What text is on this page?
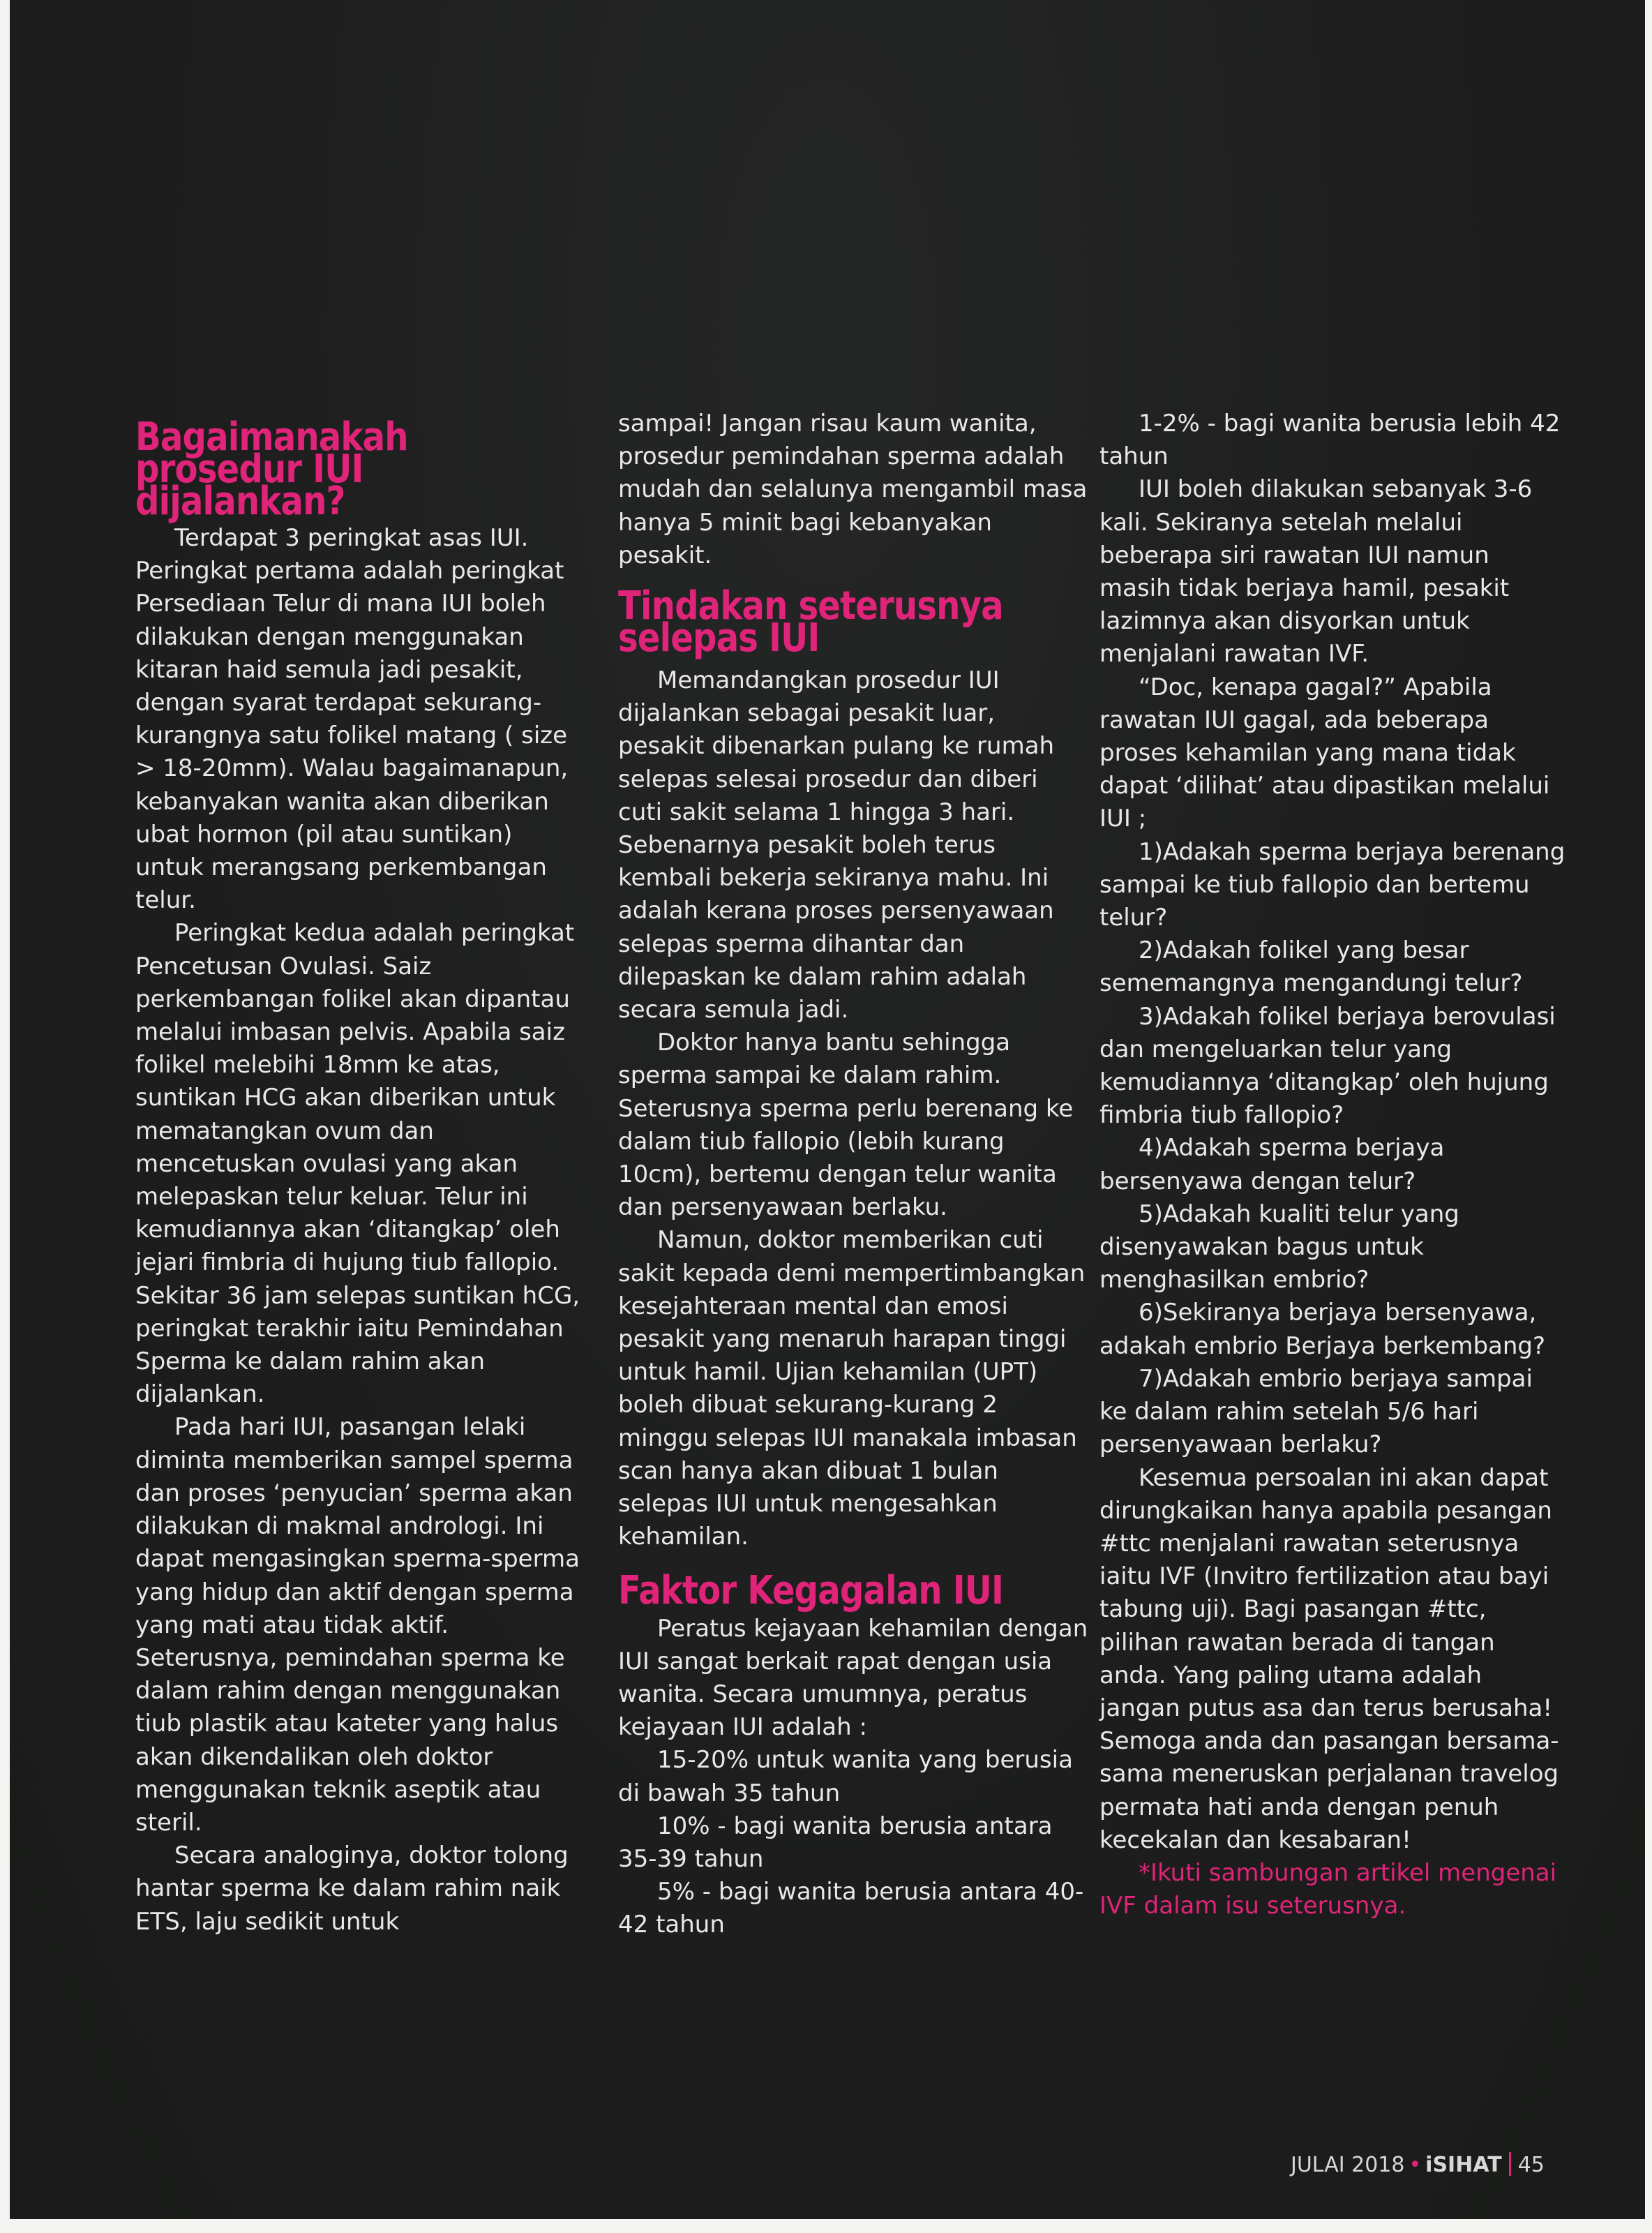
Bagaimanakah
prosedur IUI
dijalankan?

Terdapat 3 peringkat asas IUI. Peringkat pertama adalah peringkat Persediaan Telur di mana IUI boleh dilakukan dengan menggunakan kitaran haid semula jadi pesakit, dengan syarat terdapat sekurang-kurangnya satu folikel matang ( size > 18-20mm). Walau bagaimanapun, kebanyakan wanita akan diberikan ubat hormon (pil atau suntikan) untuk merangsang perkembangan telur.

Peringkat kedua adalah peringkat Pencetusan Ovulasi. Saiz perkembangan folikel akan dipantau melalui imbasan pelvis. Apabila saiz folikel melebihi 18mm ke atas, suntikan HCG akan diberikan untuk mematangkan ovum dan mencetuskan ovulasi yang akan melepaskan telur keluar. Telur ini kemudiannya akan ‘ditangkap’ oleh jejari fimbria di hujung tiub fallopio. Sekitar 36 jam selepas suntikan hCG, peringkat terakhir iaitu Pemindahan Sperma ke dalam rahim akan dijalankan.

Pada hari IUI, pasangan lelaki diminta memberikan sampel sperma dan proses ‘penyucian’ sperma akan dilakukan di makmal andrologi. Ini dapat mengasingkan sperma-sperma yang hidup dan aktif dengan sperma yang mati atau tidak aktif. Seterusnya, pemindahan sperma ke dalam rahim dengan menggunakan tiub plastik atau kateter yang halus akan dikendalikan oleh doktor menggunakan teknik aseptik atau steril.

Secara analoginya, doktor tolong hantar sperma ke dalam rahim naik ETS, laju sedikit untuk

sampai! Jangan risau kaum wanita, prosedur pemindahan sperma adalah mudah dan selalunya mengambil masa hanya 5 minit bagi kebanyakan pesakit.

Tindakan seterusnya
selepas IUI

Memandangkan prosedur IUI dijalankan sebagai pesakit luar, pesakit dibenarkan pulang ke rumah selepas selesai prosedur dan diberi cuti sakit selama 1 hingga 3 hari. Sebenarnya pesakit boleh terus kembali bekerja sekiranya mahu. Ini adalah kerana proses persenyawaan selepas sperma dihantar dan dilepaskan ke dalam rahim adalah secara semula jadi.

Doktor hanya bantu sehingga sperma sampai ke dalam rahim. Seterusnya sperma perlu berenang ke dalam tiub fallopio (lebih kurang 10cm), bertemu dengan telur wanita dan persenyawaan berlaku.

Namun, doktor memberikan cuti sakit kepada demi mempertimbangkan kesejahteraan mental dan emosi pesakit yang menaruh harapan tinggi untuk hamil. Ujian kehamilan (UPT) boleh dibuat sekurang-kurang 2 minggu selepas IUI manakala imbasan scan hanya akan dibuat 1 bulan selepas IUI untuk mengesahkan kehamilan.

Faktor Kegagalan IUI

Peratus kejayaan kehamilan dengan IUI sangat berkait rapat dengan usia wanita. Secara umumnya, peratus kejayaan IUI adalah :

15-20% untuk wanita yang berusia di bawah 35 tahun

10% - bagi wanita berusia antara 35-39 tahun

5% - bagi wanita berusia antara 40-42 tahun

1-2% - bagi wanita berusia lebih 42 tahun

IUI boleh dilakukan sebanyak 3-6 kali. Sekiranya setelah melalui beberapa siri rawatan IUI namun masih tidak berjaya hamil, pesakit lazimnya akan disyorkan untuk menjalani rawatan IVF.

“Doc, kenapa gagal?” Apabila rawatan IUI gagal, ada beberapa proses kehamilan yang mana tidak dapat ‘dilihat’ atau dipastikan melalui IUI ;

1)Adakah sperma berjaya berenang sampai ke tiub fallopio dan bertemu telur?

2)Adakah folikel yang besar sememangnya mengandungi telur?

3)Adakah folikel berjaya berovulasi dan mengeluarkan telur yang kemudiannya ‘ditangkap’ oleh hujung fimbria tiub fallopio?

4)Adakah sperma berjaya bersenyawa dengan telur?

5)Adakah kualiti telur yang disenyawakan bagus untuk menghasilkan embrio?

6)Sekiranya berjaya bersenyawa, adakah embrio Berjaya berkembang?

7)Adakah embrio berjaya sampai ke dalam rahim setelah 5/6 hari persenyawaan berlaku?

Kesemua persoalan ini akan dapat dirungkaikan hanya apabila pesangan #ttc menjalani rawatan seterusnya iaitu IVF (Invitro fertilization atau bayi tabung uji). Bagi pasangan #ttc, pilihan rawatan berada di tangan anda. Yang paling utama adalah jangan putus asa dan terus berusaha! Semoga anda dan pasangan bersama-sama meneruskan perjalanan travelog permata hati anda dengan penuh kecekalan dan kesabaran!

*Ikuti sambungan artikel mengenai IVF dalam isu seterusnya.

JULAI 2018 • iSIHAT 45
